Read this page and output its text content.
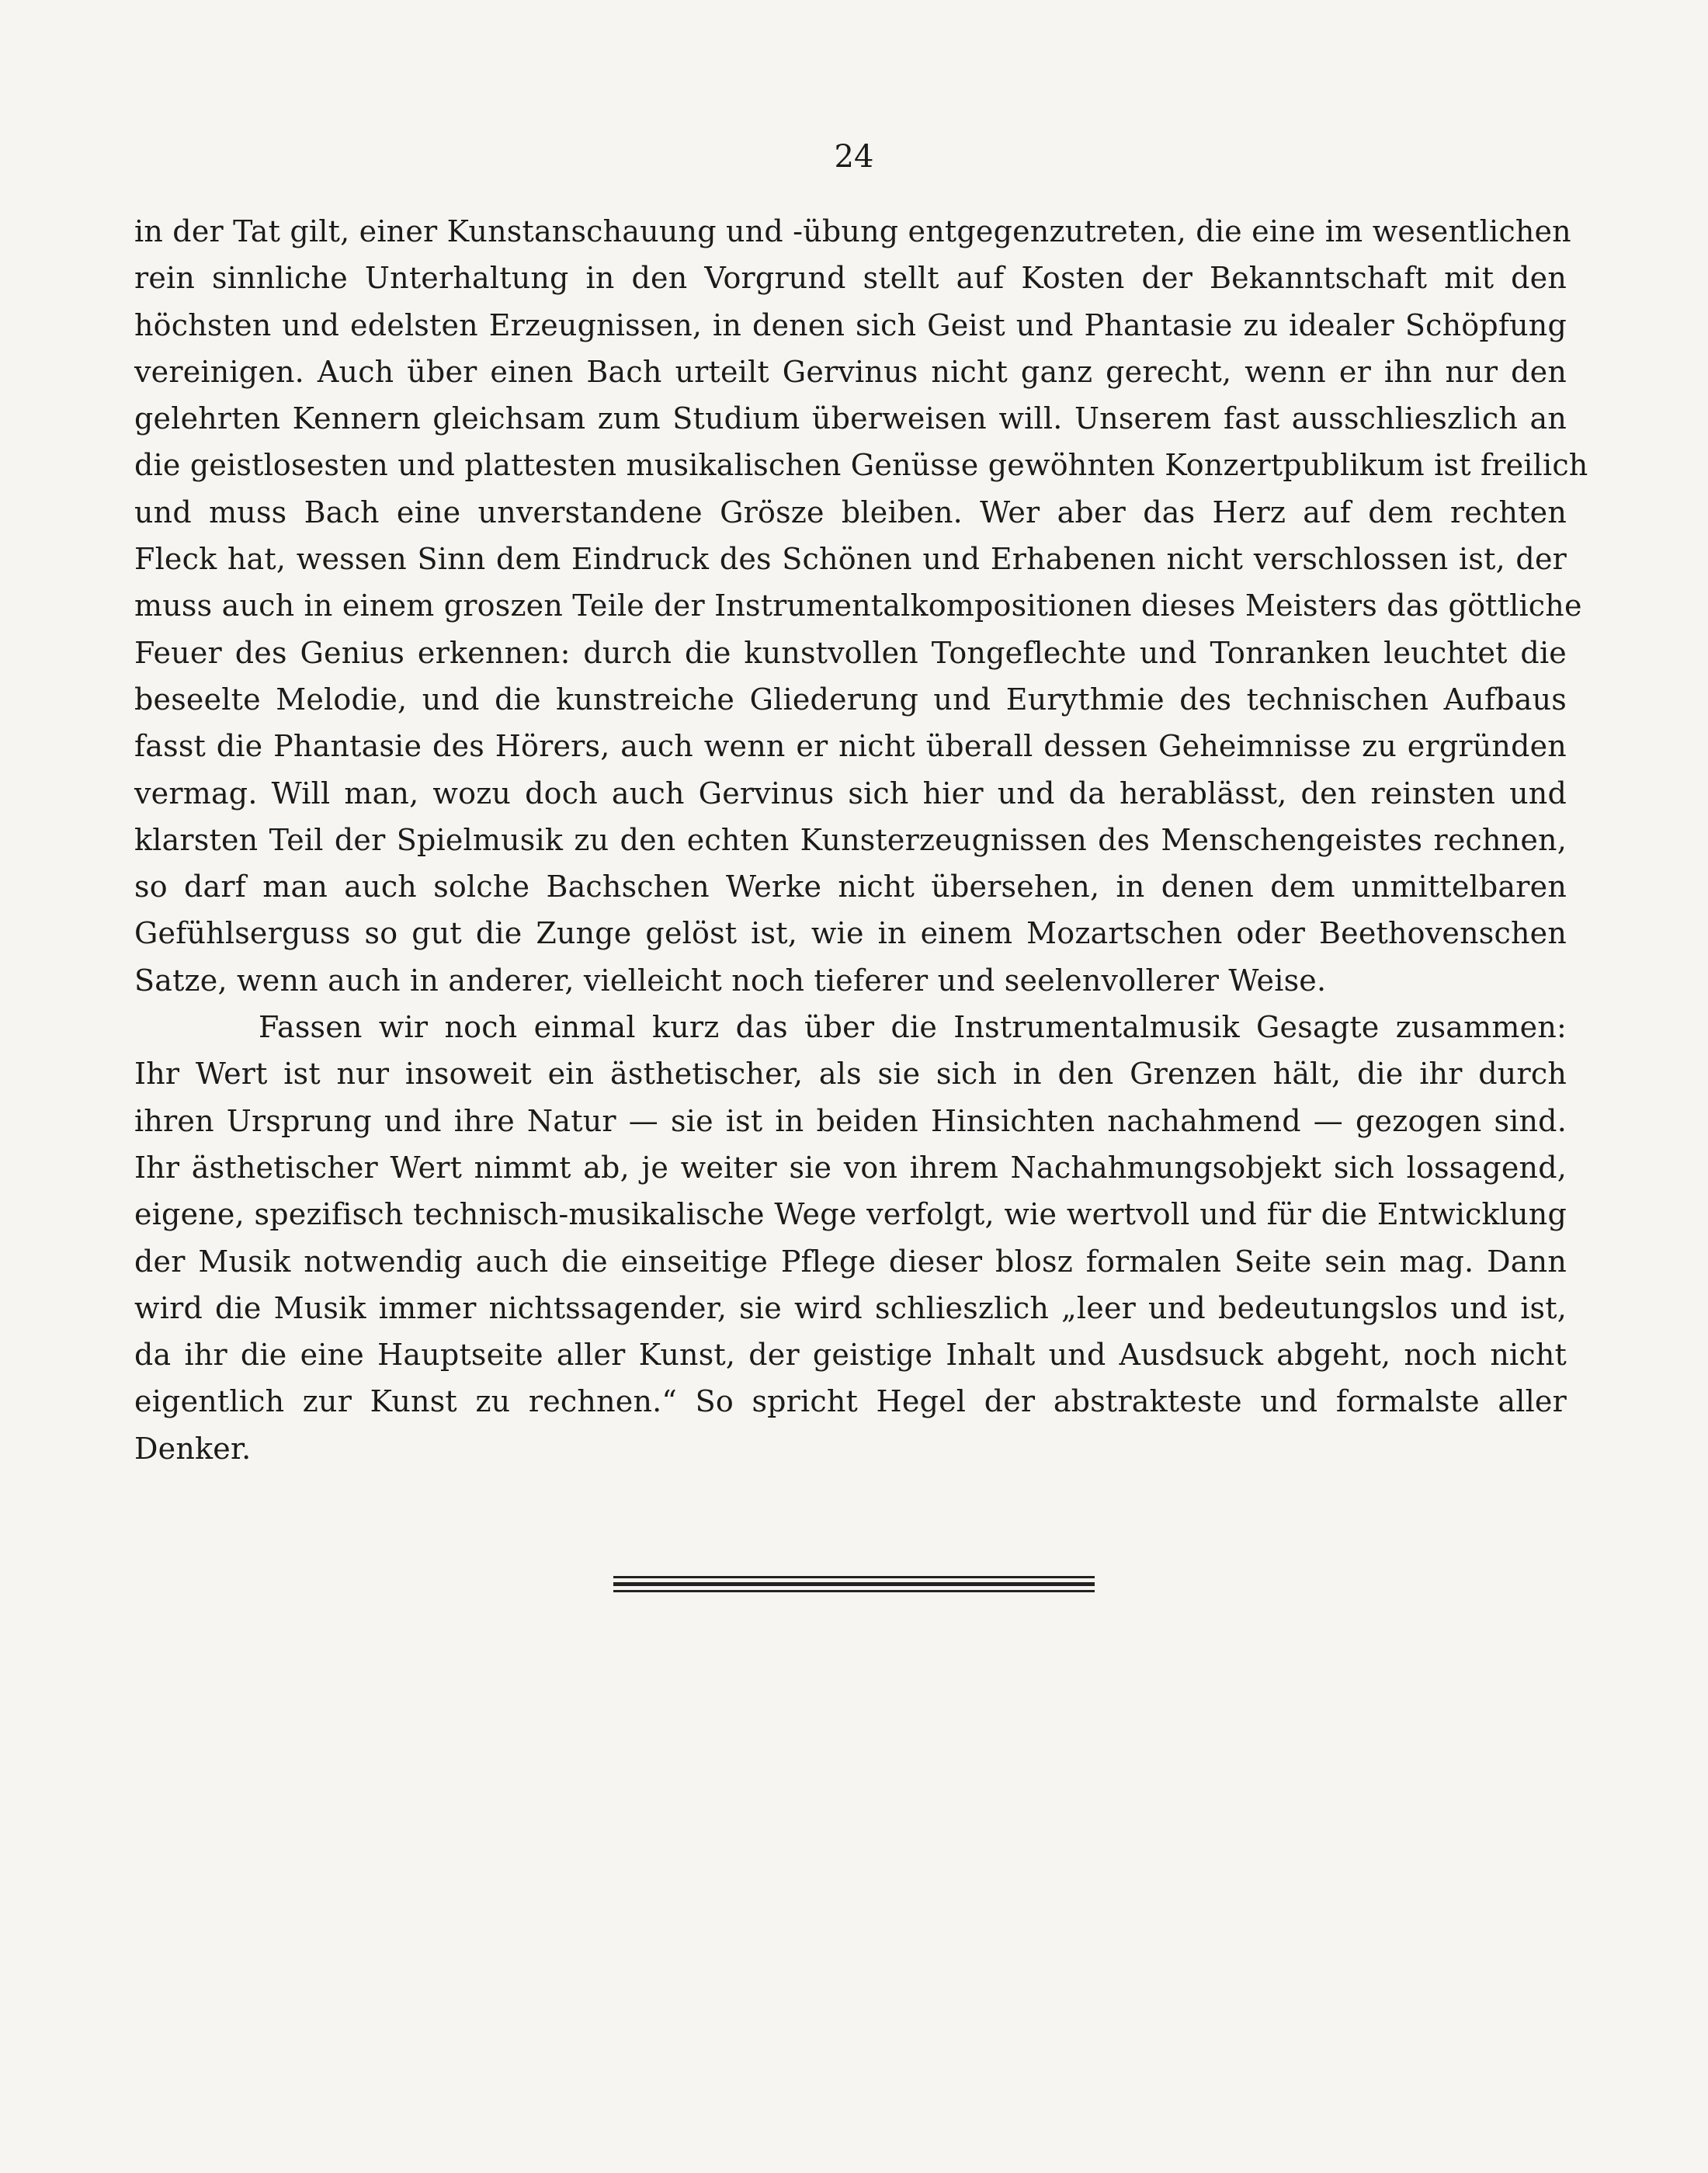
24
in der Tat gilt, einer Kunstanschauung und -übung entgegenzutreten, die eine im wesentlichen
rein sinnliche Unterhaltung in den Vorgrund stellt auf Kosten der Bekanntschaft mit den
höchsten und edelsten Erzeugnissen, in denen sich Geist und Phantasie zu idealer Schöpfung
vereinigen. Auch über einen Bach urteilt Gervinus nicht ganz gerecht, wenn er ihn nur den
gelehrten Kennern gleichsam zum Studium überweisen will. Unserem fast ausschlieszlich an
die geistlosesten und plattesten musikalischen Genüsse gewöhnten Konzertpublikum ist freilich
und muss Bach eine unverstandene Grösze bleiben. Wer aber das Herz auf dem rechten
Fleck hat, wessen Sinn dem Eindruck des Schönen und Erhabenen nicht verschlossen ist, der
muss auch in einem groszen Teile der Instrumentalkompositionen dieses Meisters das göttliche
Feuer des Genius erkennen: durch die kunstvollen Tongeflechte und Tonranken leuchtet die
beseelte Melodie, und die kunstreiche Gliederung und Eurythmie des technischen Aufbaus
fasst die Phantasie des Hörers, auch wenn er nicht überall dessen Geheimnisse zu ergründen
vermag. Will man, wozu doch auch Gervinus sich hier und da herablässt, den reinsten und
klarsten Teil der Spielmusik zu den echten Kunsterzeugnissen des Menschengeistes rechnen,
so darf man auch solche Bachschen Werke nicht übersehen, in denen dem unmittelbaren
Gefühlserguss so gut die Zunge gelöst ist, wie in einem Mozartschen oder Beethovenschen
Satze, wenn auch in anderer, vielleicht noch tieferer und seelenvollerer Weise.
Fassen wir noch einmal kurz das über die Instrumentalmusik Gesagte zusammen:
Ihr Wert ist nur insoweit ein ästhetischer, als sie sich in den Grenzen hält, die ihr durch
ihren Ursprung und ihre Natur — sie ist in beiden Hinsichten nachahmend — gezogen sind.
Ihr ästhetischer Wert nimmt ab, je weiter sie von ihrem Nachahmungsobjekt sich lossagend,
eigene, spezifisch technisch-musikalische Wege verfolgt, wie wertvoll und für die Entwicklung
der Musik notwendig auch die einseitige Pflege dieser blosz formalen Seite sein mag. Dann
wird die Musik immer nichtssagender, sie wird schlieszlich „leer und bedeutungslos und ist,
da ihr die eine Hauptseite aller Kunst, der geistige Inhalt und Ausdsuck abgeht, noch nicht
eigentlich zur Kunst zu rechnen.“ So spricht Hegel der abstrakteste und formalste aller
Denker.
